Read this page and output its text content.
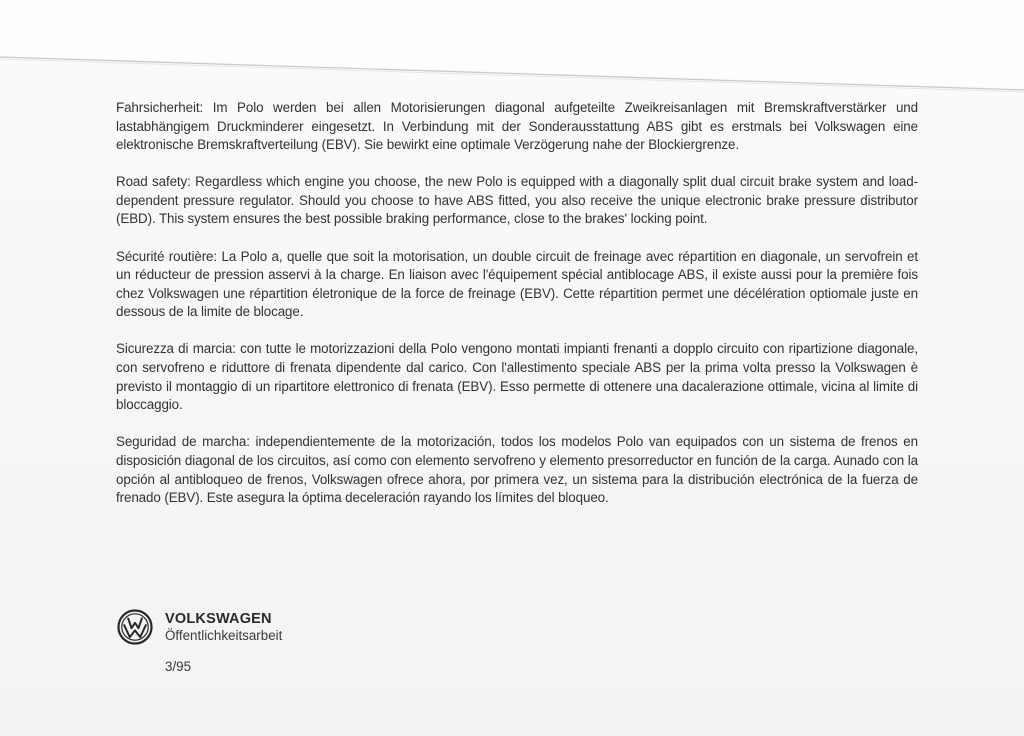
Fahrsicherheit: Im Polo werden bei allen Motorisierungen diagonal aufgeteilte Zweikreisanlagen mit Bremskraftverstärker und lastabhängigem Druckminderer eingesetzt. In Verbindung mit der Sonderausstattung ABS gibt es erstmals bei Volkswagen eine elektronische Bremskraftverteilung (EBV). Sie bewirkt eine optimale Verzögerung nahe der Blockiergrenze.

Road safety: Regardless which engine you choose, the new Polo is equipped with a diagonally split dual circuit brake system and load-dependent pressure regulator. Should you choose to have ABS fitted, you also receive the unique electronic brake pressure distributor (EBD). This system ensures the best possible braking performance, close to the brakes' locking point.

Sécurité routière: La Polo a, quelle que soit la motorisation, un double circuit de freinage avec répartition en diagonale, un servofrein et un réducteur de pression asservi à la charge. En liaison avec l'équipement spécial antiblocage ABS, il existe aussi pour la première fois chez Volkswagen une répartition életronique de la force de freinage (EBV). Cette répartition permet une décélération optiomale juste en dessous de la limite de blocage.

Sicurezza di marcia: con tutte le motorizzazioni della Polo vengono montati impianti frenanti a dopplo circuito con ripartizione diagonale, con servofreno e riduttore di frenata dipendente dal carico. Con l'allestimento speciale ABS per la prima volta presso la Volkswagen è previsto il montaggio di un ripartitore elettronico di frenata (EBV). Esso permette di ottenere una dacalerazione ottimale, vicina al limite di bloccaggio.

Seguridad de marcha: independientemente de la motorización, todos los modelos Polo van equipados con un sistema de frenos en disposición diagonal de los circuitos, así como con elemento servofreno y elemento presorreductor en función de la carga. Aunado con la opción al antibloqueo de frenos, Volkswagen ofrece ahora, por primera vez, un sistema para la distribución electrónica de la fuerza de frenado (EBV). Este asegura la óptima deceleración rayando los límites del bloqueo.

VOLKSWAGEN
Öffentlichkeitsarbeit
3/95
